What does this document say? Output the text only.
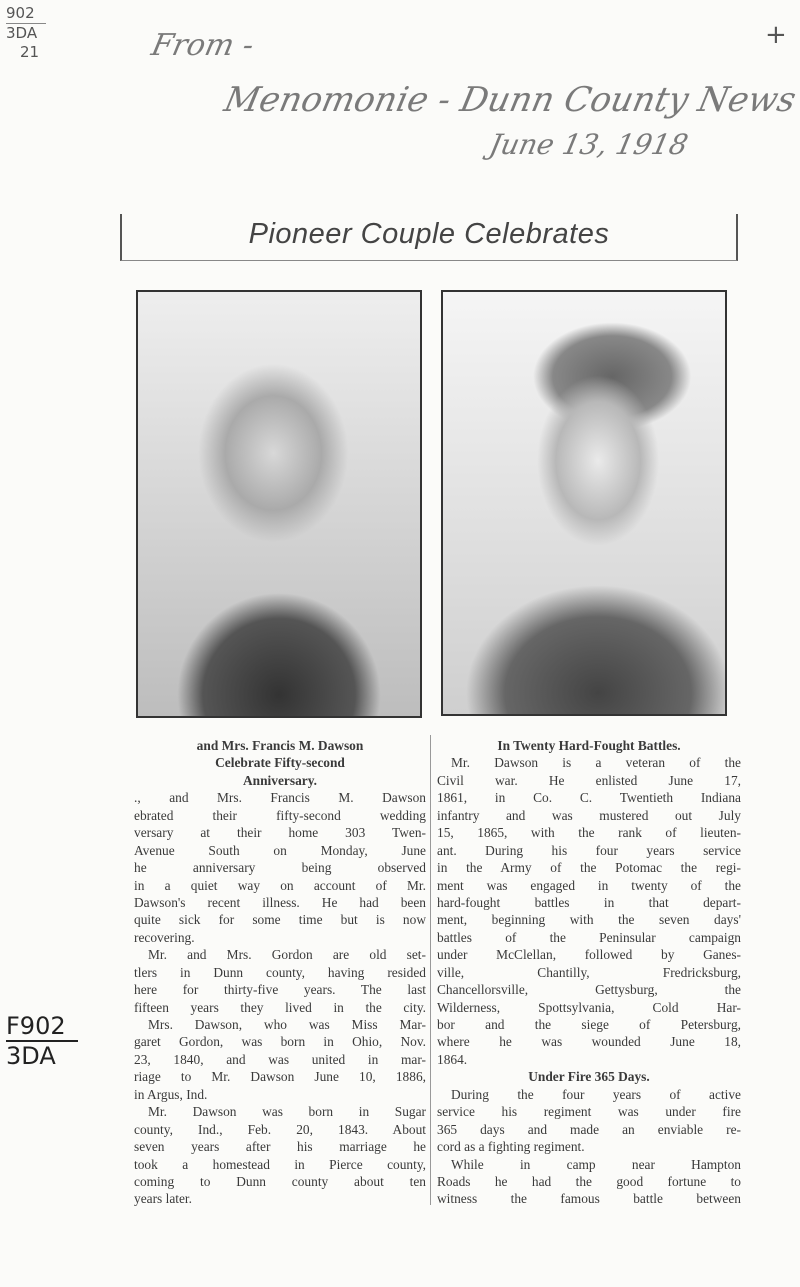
902
3DA
21
+
From -
Menomonie - Dunn County News
June 13, 1918
Pioneer Couple Celebrates
and Mrs. Francis M. Dawson
Celebrate Fifty-second
Anniversary.
., and Mrs. Francis M. Dawson
ebrated their fifty-second wedding
versary at their home 303 Twen-
Avenue South on Monday, June
he anniversary being observed
in a quiet way on account of Mr.
Dawson's recent illness. He had been
quite sick for some time but is now
recovering.
Mr. and Mrs. Gordon are old set-
tlers in Dunn county, having resided
here for thirty-five years. The last
fifteen years they lived in the city.
Mrs. Dawson, who was Miss Mar-
garet Gordon, was born in Ohio, Nov.
23, 1840, and was united in mar-
riage to Mr. Dawson June 10, 1886,
in Argus, Ind.
Mr. Dawson was born in Sugar
county, Ind., Feb. 20, 1843. About
seven years after his marriage he
took a homestead in Pierce county,
coming to Dunn county about ten
years later.
In Twenty Hard-Fought Battles.
Mr. Dawson is a veteran of the
Civil war. He enlisted June 17,
1861, in Co. C. Twentieth Indiana
infantry and was mustered out July
15, 1865, with the rank of lieuten-
ant. During his four years service
in the Army of the Potomac the regi-
ment was engaged in twenty of the
hard-fought battles in that depart-
ment, beginning with the seven days'
battles of the Peninsular campaign
under McClellan, followed by Ganes-
ville, Chantilly, Fredricksburg,
Chancellorsville, Gettysburg, the
Wilderness, Spottsylvania, Cold Har-
bor and the siege of Petersburg,
where he was wounded June 18,
1864.
Under Fire 365 Days.
During the four years of active
service his regiment was under fire
365 days and made an enviable re-
cord as a fighting regiment.
While in camp near Hampton
Roads he had the good fortune to
witness the famous battle between
F902
3DA
